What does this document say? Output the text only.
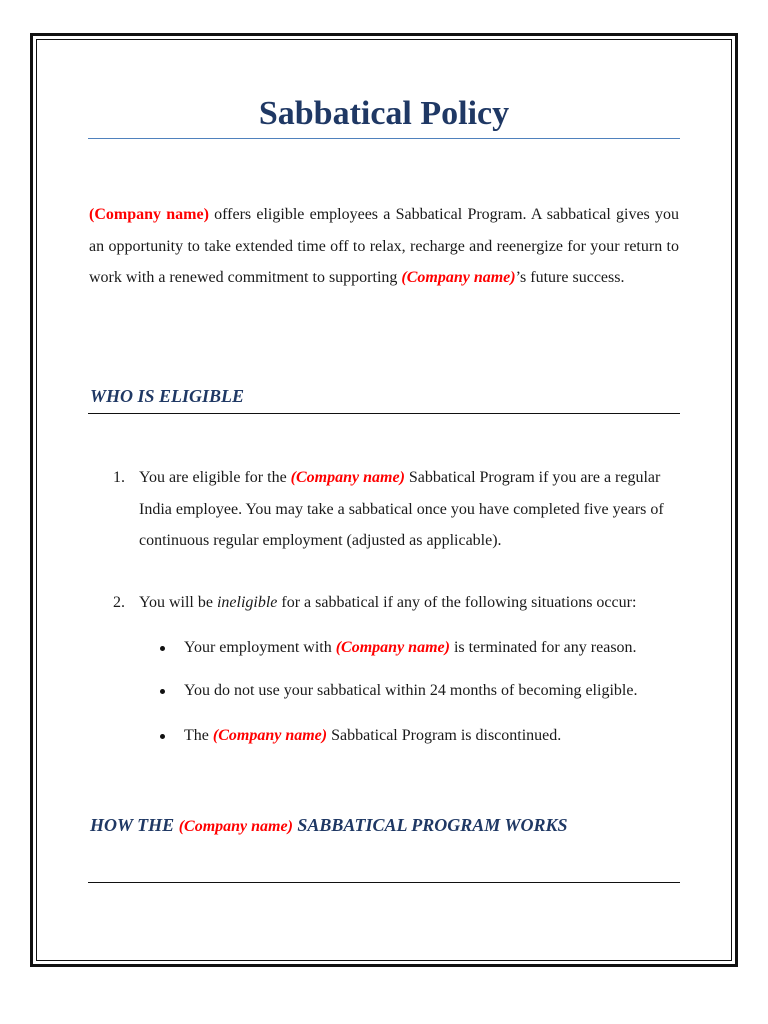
Sabbatical Policy

(Company name) offers eligible employees a Sabbatical Program. A sabbatical gives you an opportunity to take extended time off to relax, recharge and reenergize for your return to work with a renewed commitment to supporting (Company name)’s future success.

WHO IS ELIGIBLE
1. You are eligible for the (Company name) Sabbatical Program if you are a regular India employee. You may take a sabbatical once you have completed five years of continuous regular employment (adjusted as applicable).
2. You will be ineligible for a sabbatical if any of the following situations occur:
Your employment with (Company name) is terminated for any reason.
You do not use your sabbatical within 24 months of becoming eligible.
The (Company name) Sabbatical Program is discontinued.
HOW THE (Company name) SABBATICAL PROGRAM WORKS
